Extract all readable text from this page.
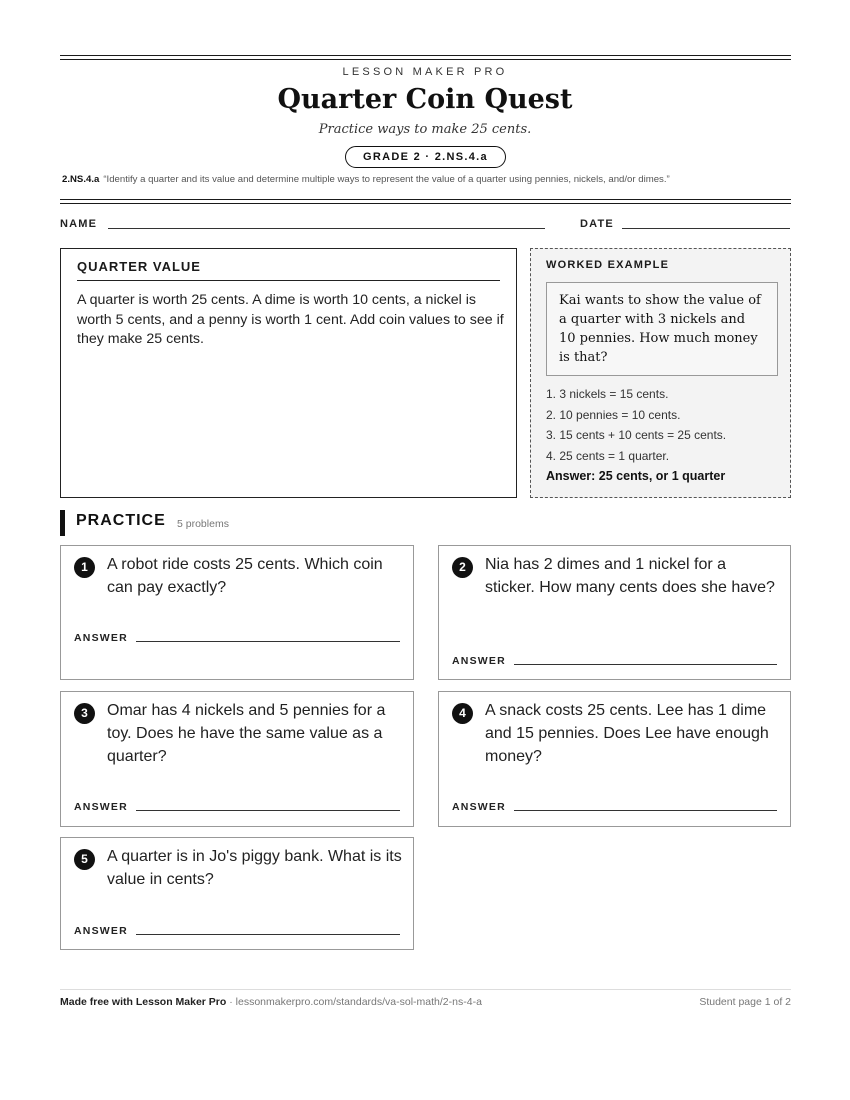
LESSON MAKER PRO
Quarter Coin Quest
Practice ways to make 25 cents.
GRADE 2 · 2.NS.4.a
2.NS.4.a “Identify a quarter and its value and determine multiple ways to represent the value of a quarter using pennies, nickels, and/or dimes.”
NAME	DATE
QUARTER VALUE
A quarter is worth 25 cents. A dime is worth 10 cents, a nickel is worth 5 cents, and a penny is worth 1 cent. Add coin values to see if they make 25 cents.
WORKED EXAMPLE
Kai wants to show the value of a quarter with 3 nickels and 10 pennies. How much money is that?
1. 3 nickels = 15 cents.
2. 10 pennies = 10 cents.
3. 15 cents + 10 cents = 25 cents.
4. 25 cents = 1 quarter.
Answer: 25 cents, or 1 quarter
PRACTICE 5 problems
1	A robot ride costs 25 cents. Which coin can pay exactly?
ANSWER
2	Nia has 2 dimes and 1 nickel for a sticker. How many cents does she have?
ANSWER
3	Omar has 4 nickels and 5 pennies for a toy. Does he have the same value as a quarter?
ANSWER
4	A snack costs 25 cents. Lee has 1 dime and 15 pennies. Does Lee have enough money?
ANSWER
5	A quarter is in Jo's piggy bank. What is its value in cents?
ANSWER
Made free with Lesson Maker Pro · lessonmakerpro.com/standards/va-sol-math/2-ns-4-a	Student page 1 of 2
